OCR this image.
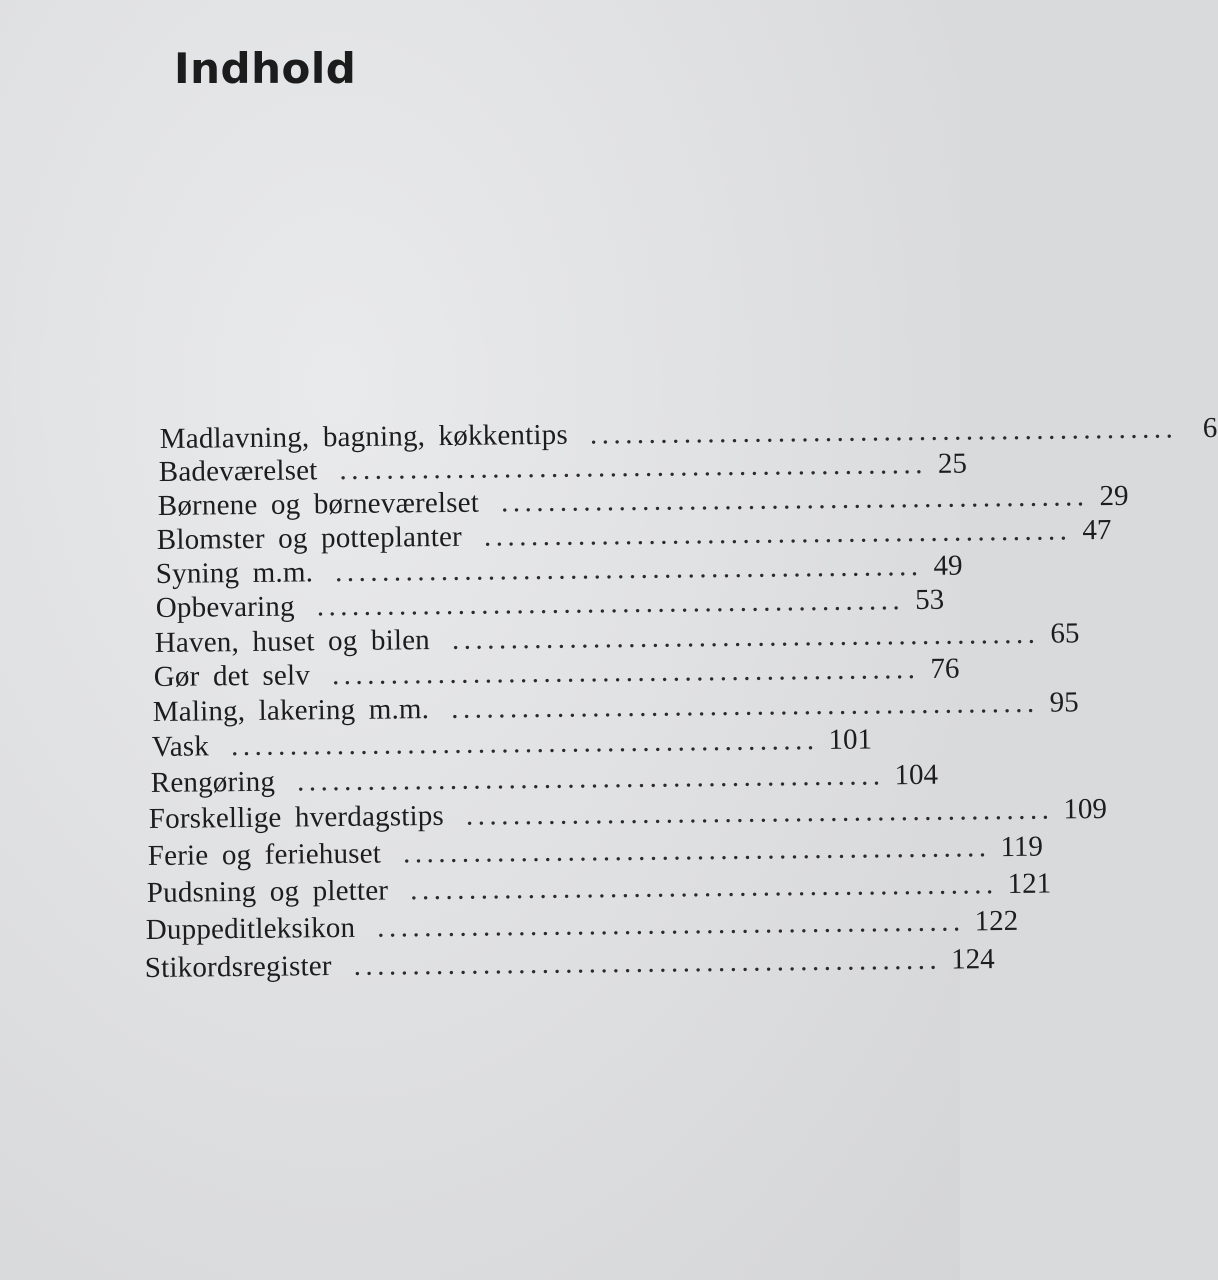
Indhold
Madlavning, bagning, køkkentips .................................................. 6
Badeværelset .................................................. 25
Børnene og børneværelset .................................................. 29
Blomster og potteplanter .................................................. 47
Syning m.m. .................................................. 49
Opbevaring .................................................. 53
Haven, huset og bilen .................................................. 65
Gør det selv .................................................. 76
Maling, lakering m.m. .................................................. 95
Vask .................................................. 101
Rengøring .................................................. 104
Forskellige hverdagstips .................................................. 109
Ferie og feriehuset .................................................. 119
Pudsning og pletter .................................................. 121
Duppeditleksikon .................................................. 122
Stikordsregister .................................................. 124
